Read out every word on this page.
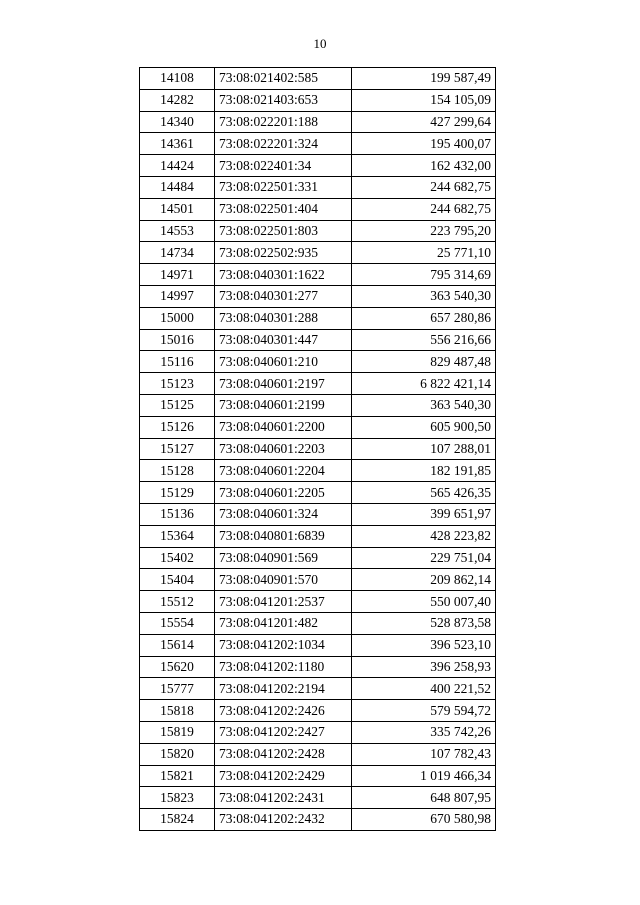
10
14108	73:08:021402:585	199 587,49
14282	73:08:021403:653	154 105,09
14340	73:08:022201:188	427 299,64
14361	73:08:022201:324	195 400,07
14424	73:08:022401:34	162 432,00
14484	73:08:022501:331	244 682,75
14501	73:08:022501:404	244 682,75
14553	73:08:022501:803	223 795,20
14734	73:08:022502:935	25 771,10
14971	73:08:040301:1622	795 314,69
14997	73:08:040301:277	363 540,30
15000	73:08:040301:288	657 280,86
15016	73:08:040301:447	556 216,66
15116	73:08:040601:210	829 487,48
15123	73:08:040601:2197	6 822 421,14
15125	73:08:040601:2199	363 540,30
15126	73:08:040601:2200	605 900,50
15127	73:08:040601:2203	107 288,01
15128	73:08:040601:2204	182 191,85
15129	73:08:040601:2205	565 426,35
15136	73:08:040601:324	399 651,97
15364	73:08:040801:6839	428 223,82
15402	73:08:040901:569	229 751,04
15404	73:08:040901:570	209 862,14
15512	73:08:041201:2537	550 007,40
15554	73:08:041201:482	528 873,58
15614	73:08:041202:1034	396 523,10
15620	73:08:041202:1180	396 258,93
15777	73:08:041202:2194	400 221,52
15818	73:08:041202:2426	579 594,72
15819	73:08:041202:2427	335 742,26
15820	73:08:041202:2428	107 782,43
15821	73:08:041202:2429	1 019 466,34
15823	73:08:041202:2431	648 807,95
15824	73:08:041202:2432	670 580,98
